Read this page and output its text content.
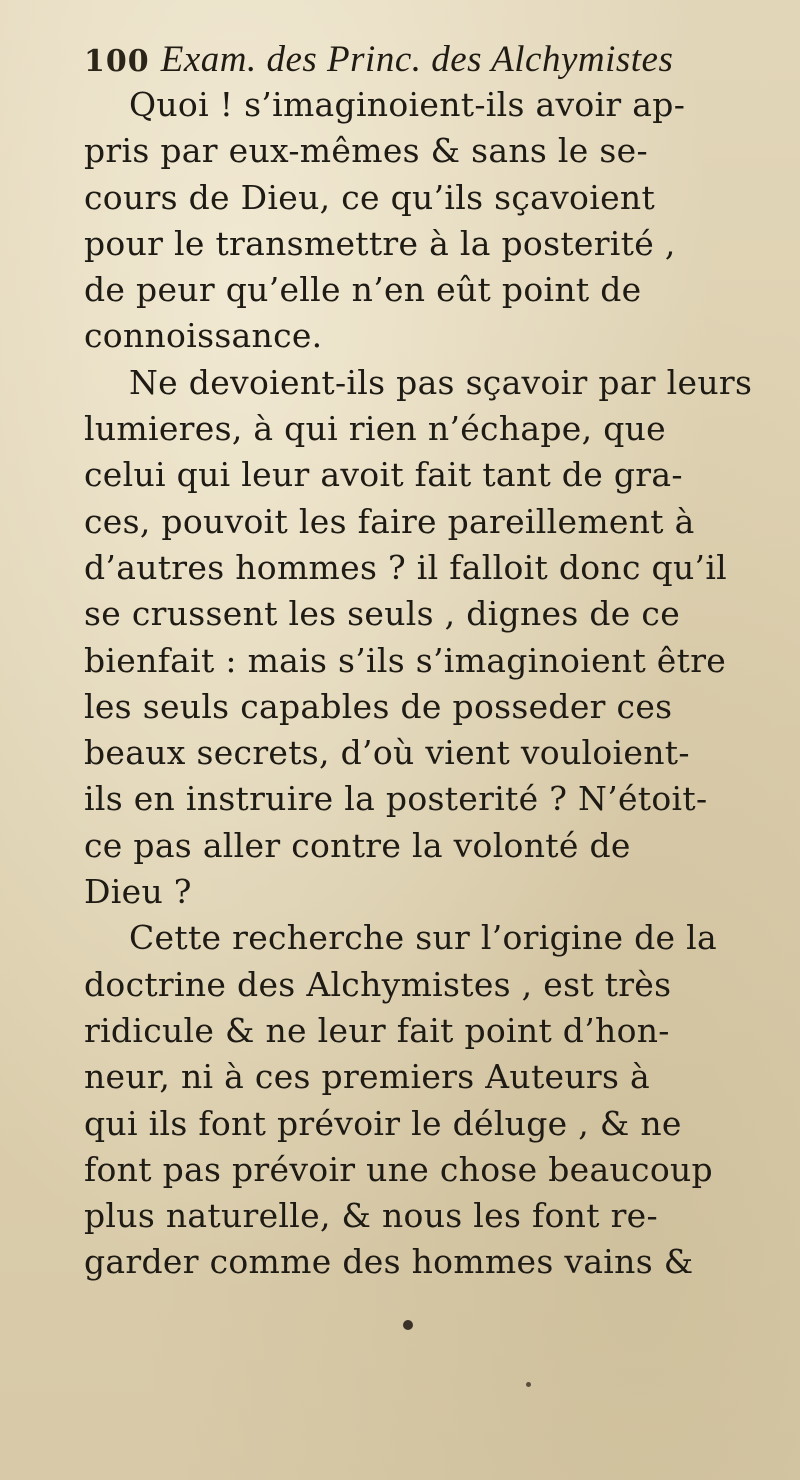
100 Exam. des Princ. des Alchymistes
Quoi ! s’imaginoient-ils avoir ap-
pris par eux-mêmes & sans le se-
cours de Dieu, ce qu’ils sçavoient
pour le transmettre à la posterité ,
de peur qu’elle n’en eût point de
connoissance.
Ne devoient-ils pas sçavoir par leurs
lumieres, à qui rien n’échape, que
celui qui leur avoit fait tant de gra-
ces, pouvoit les faire pareillement à
d’autres hommes ? il falloit donc qu’il
se crussent les seuls , dignes de ce
bienfait : mais s’ils s’imaginoient être
les seuls capables de posseder ces
beaux secrets, d’où vient vouloient-
ils en instruire la posterité ? N’étoit-
ce pas aller contre la volonté de
Dieu ?
Cette recherche sur l’origine de la
doctrine des Alchymistes , est très
ridicule & ne leur fait point d’hon-
neur, ni à ces premiers Auteurs à
qui ils font prévoir le déluge , & ne
font pas prévoir une chose beaucoup
plus naturelle, & nous les font re-
garder comme des hommes vains &
